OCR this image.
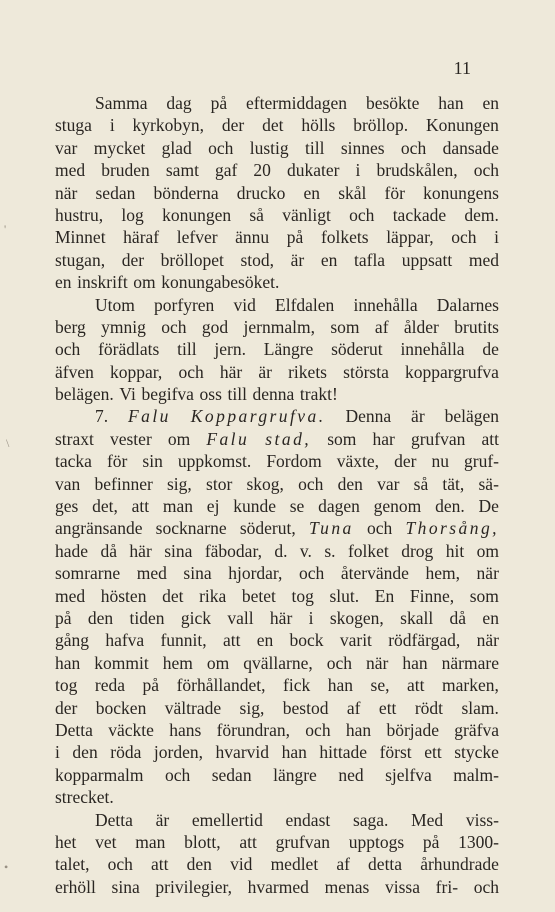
11
Samma dag på eftermiddagen besökte han en
stuga i kyrkobyn, der det hölls bröllop. Konungen
var mycket glad och lustig till sinnes och dansade
med bruden samt gaf 20 dukater i brudskålen, och
när sedan bönderna drucko en skål för konungens
hustru, log konungen så vänligt och tackade dem.
Minnet häraf lefver ännu på folkets läppar, och i
stugan, der bröllopet stod, är en tafla uppsatt med
en inskrift om konungabesöket.
Utom porfyren vid Elfdalen innehålla Dalarnes
berg ymnig och god jernmalm, som af ålder brutits
och förädlats till jern. Längre söderut innehålla de
äfven koppar, och här är rikets största koppargrufva
belägen. Vi begifva oss till denna trakt!
7. Falu Koppargrufva. Denna är belägen
straxt vester om Falu stad, som har grufvan att
tacka för sin uppkomst. Fordom växte, der nu gruf-
van befinner sig, stor skog, och den var så tät, sä-
ges det, att man ej kunde se dagen genom den. De
angränsande socknarne söderut, Tuna och Thorsång,
hade då här sina fäbodar, d. v. s. folket drog hit om
somrarne med sina hjordar, och återvände hem, när
med hösten det rika betet tog slut. En Finne, som
på den tiden gick vall här i skogen, skall då en
gång hafva funnit, att en bock varit rödfärgad, när
han kommit hem om qvällarne, och när han närmare
tog reda på förhållandet, fick han se, att marken,
der bocken vältrade sig, bestod af ett rödt slam.
Detta väckte hans förundran, och han började gräfva
i den röda jorden, hvarvid han hittade först ett stycke
kopparmalm och sedan längre ned sjelfva malm-
strecket.
Detta är emellertid endast saga. Med viss-
het vet man blott, att grufvan upptogs på 1300-
talet, och att den vid medlet af detta århundrade
erhöll sina privilegier, hvarmed menas vissa fri- och
'
\
•
